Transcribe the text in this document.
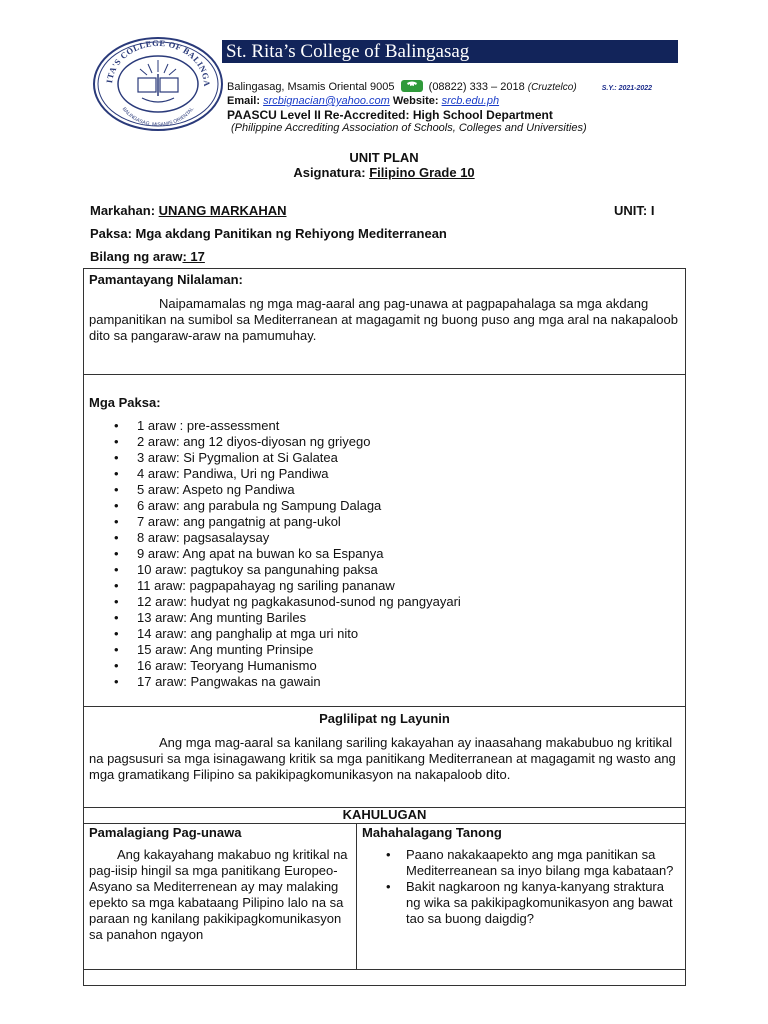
ITA'S COLLEGE OF BALINGA
BALINGASAG, MISAMIS ORIENTAL
St. Rita’s College of Balingasag
Balingasag, Msamis Oriental 9005	(08822) 333 – 2018 (Cruztelco)	S.Y.: 2021-2022
Email: srcbignacian@yahoo.com Website: srcb.edu.ph
PAASCU Level II Re-Accredited: High School Department
(Philippine Accrediting Association of Schools, Colleges and Universities)
UNIT PLAN
Asignatura: Filipino Grade 10
Markahan: UNANG MARKAHAN	UNIT: I
Paksa: Mga akdang Panitikan ng Rehiyong Mediterranean
Bilang ng araw: 17
Pamantayang Nilalaman:
Naipamamalas ng mga mag-aaral ang pag-unawa at pagpapahalaga sa mga akdang pampanitikan na sumibol sa Mediterranean at magagamit ng buong puso ang mga aral na nakapaloob dito sa pangaraw-araw na pamumuhay.

Mga Paksa:
• 1 araw : pre-assessment
• 2 araw: ang 12 diyos-diyosan ng griyego
• 3 araw: Si Pygmalion at Si Galatea
• 4 araw: Pandiwa, Uri ng Pandiwa
• 5 araw: Aspeto ng Pandiwa
• 6 araw: ang parabula ng Sampung Dalaga
• 7 araw: ang pangatnig at pang-ukol
• 8 araw: pagsasalaysay
• 9 araw: Ang apat na buwan ko sa Espanya
• 10 araw: pagtukoy sa pangunahing paksa
• 11 araw: pagpapahayag ng sariling pananaw
• 12 araw: hudyat ng pagkakasunod-sunod ng pangyayari
• 13 araw: Ang munting Bariles
• 14 araw: ang panghalip at mga uri nito
• 15 araw: Ang munting Prinsipe
• 16 araw: Teoryang Humanismo
• 17 araw: Pangwakas na gawain

Paglilipat ng Layunin
Ang mga mag-aaral sa kanilang sariling kakayahan ay inaasahang makabubuo ng kritikal na pagsusuri sa mga isinagawang kritik sa mga panitikang Mediterranean at magagamit ng wasto ang mga gramatikang Filipino sa pakikipagkomunikasyon na nakapaloob dito.

KAHULUGAN

Pamalagiang Pag-unawa
Ang kakayahang makabuo ng kritikal na pag-iisip hingil sa mga panitikang Europeo-Asyano sa Mediterrenean ay may malaking epekto sa mga kabataang Pilipino lalo na sa paraan ng kanilang pakikipagkomunikasyon sa panahon ngayon

Mahahalagang Tanong
• Paano nakakaapekto ang mga panitikan sa Mediterreanean sa inyo bilang mga kabataan?
• Bakit nagkaroon ng kanya-kanyang straktura ng wika sa pakikipagkomunikasyon ang bawat tao sa buong daigdig?
